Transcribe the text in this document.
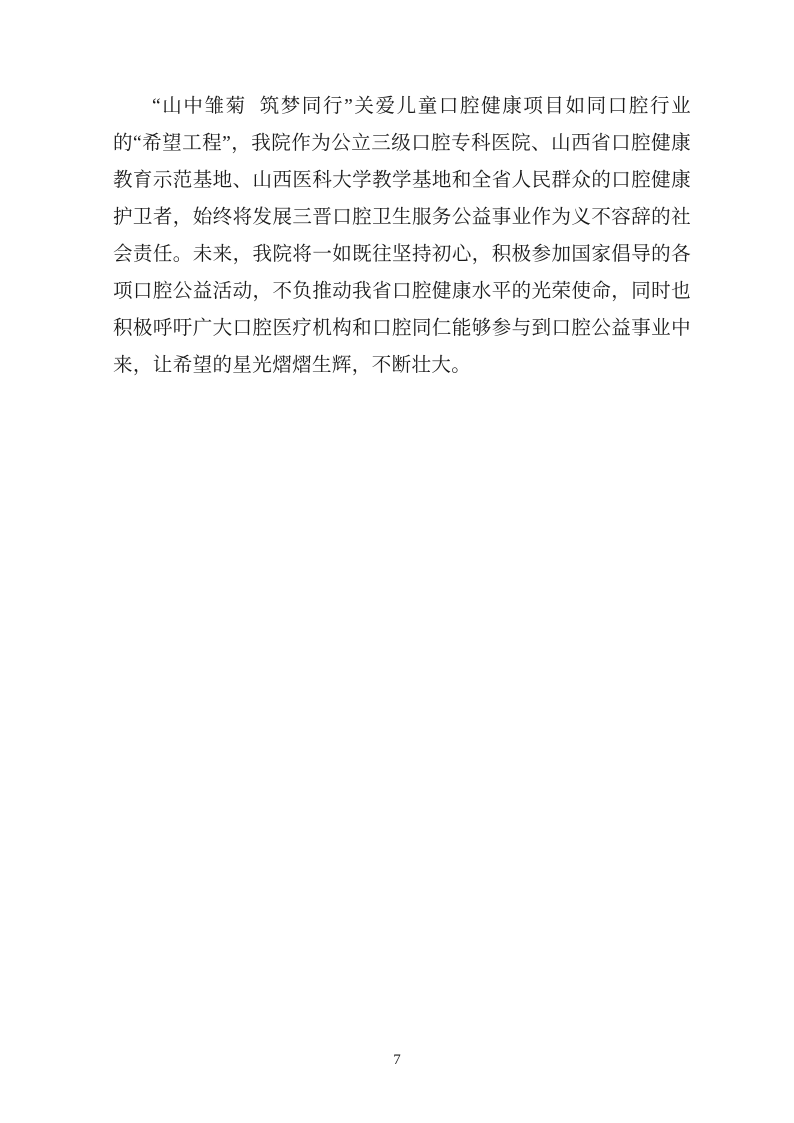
“山中雏菊  筑梦同行”关爱儿童口腔健康项目如同口腔行业的“希望工程”，我院作为公立三级口腔专科医院、山西省口腔健康教育示范基地、山西医科大学教学基地和全省人民群众的口腔健康护卫者，始终将发展三晋口腔卫生服务公益事业作为义不容辞的社会责任。未来，我院将一如既往坚持初心，积极参加国家倡导的各项口腔公益活动，不负推动我省口腔健康水平的光荣使命，同时也积极呼吁广大口腔医疗机构和口腔同仁能够参与到口腔公益事业中来，让希望的星光熠熠生辉，不断壮大。

7
